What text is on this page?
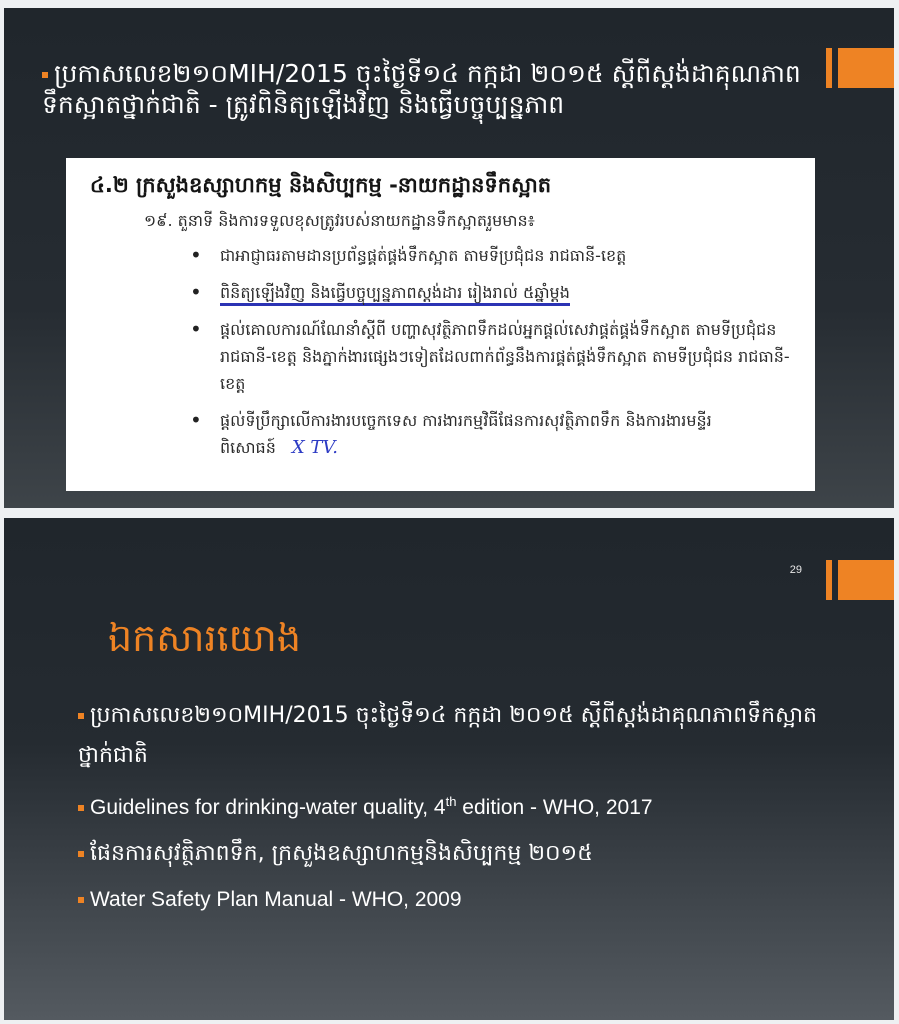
ប្រកាសលេខ២១០MIH/2015 ចុះថ្ងៃទី១៤ កក្កដា ២០១៥ ស្តីពីស្តង់ដាគុណភាពទឹកស្អាតថ្នាក់ជាតិ - ត្រូវពិនិត្យឡើងវិញ និងធ្វើបច្ចុប្បន្នភាព
៤.២ ក្រសួងឧស្សាហកម្ម និងសិប្បកម្ម -នាយកដ្ឋានទឹកស្អាត
១៩. តួនាទី និងការទទួលខុសត្រូវរបស់នាយកដ្ឋានទឹកស្អាតរួមមាន៖
• ជាអាជ្ញាធរតាមដានប្រព័ន្ធផ្គត់ផ្គង់ទឹកស្អាត តាមទីប្រជុំជន រាជធានី-ខេត្ត
• ពិនិត្យឡើងវិញ និងធ្វើបច្ចុប្បន្នភាពស្តង់ដារ រៀងរាល់ ៥ឆ្នាំម្តង
• ផ្តល់គោលការណ៍ណែនាំស្តីពី បញ្ហាសុវត្ថិភាពទឹកដល់អ្នកផ្តល់សេវាផ្គត់ផ្គង់ទឹកស្អាត តាមទីប្រជុំជន រាជធានី-ខេត្ត និងភ្នាក់ងារផ្សេងៗទៀតដែលពាក់ព័ន្ធនឹងការផ្គត់ផ្គង់ទឹកស្អាត តាមទីប្រជុំជន រាជធានី-ខេត្ត
• ផ្តល់ទីប្រឹក្សាលើការងារបច្ចេកទេស ការងារកម្មវិធីផែនការសុវត្ថិភាពទឹក និងការងារមន្ទីរពិសោធន៍ X TV.
29
ឯកសារយោង
ប្រកាសលេខ២១០MIH/2015 ចុះថ្ងៃទី១៤ កក្កដា ២០១៥ ស្តីពីស្តង់ដាគុណភាពទឹកស្អាតថ្នាក់ជាតិ
Guidelines for drinking-water quality, 4th edition - WHO, 2017
ផែនការសុវត្ថិភាពទឹក, ក្រសួងឧស្សាហកម្មនិងសិប្បកម្ម ២០១៥
Water Safety Plan Manual - WHO, 2009
